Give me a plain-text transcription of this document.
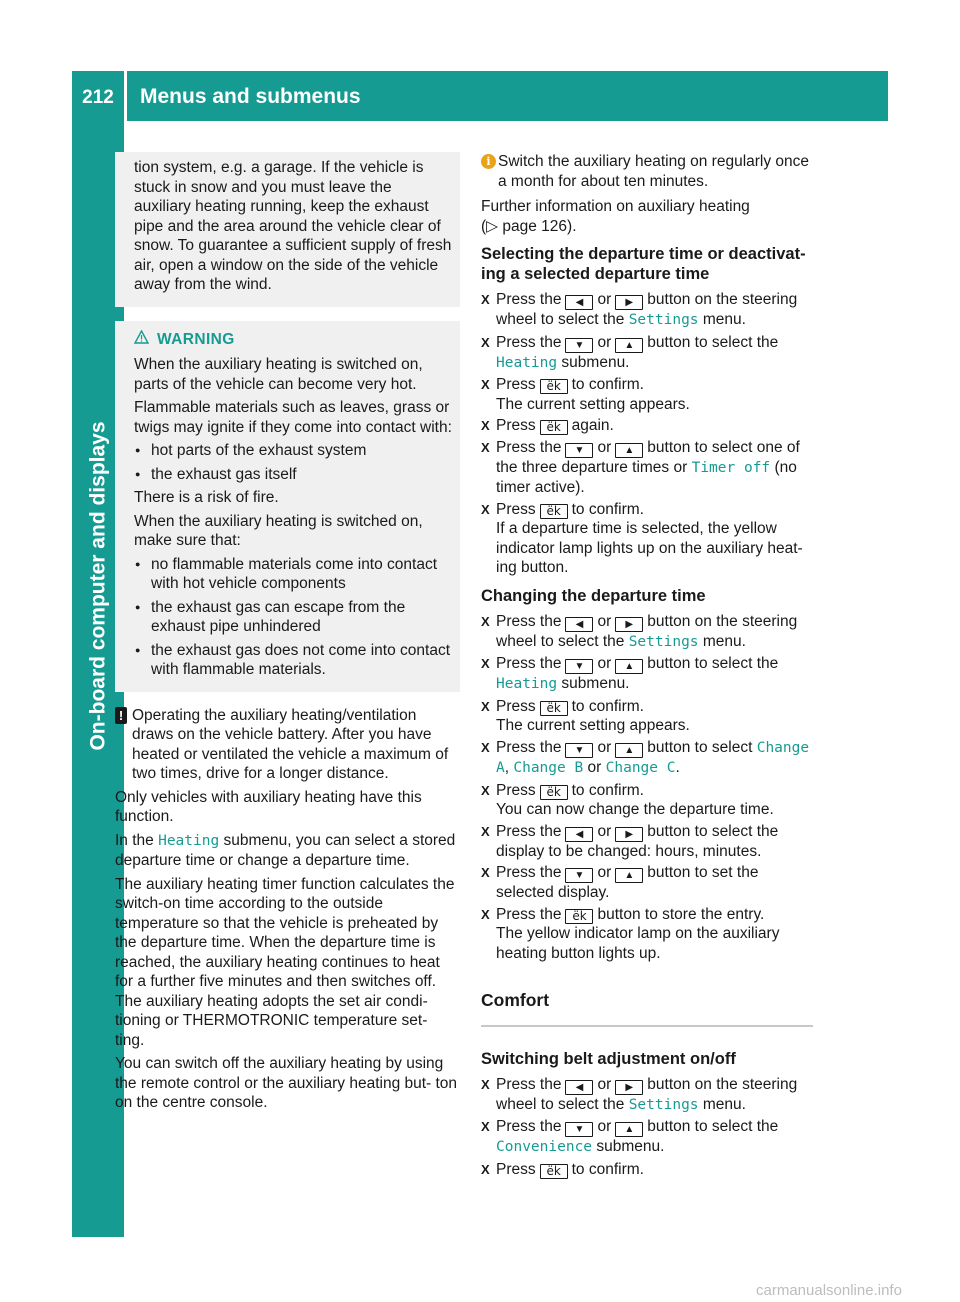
212	Menus and submenus
On-board computer and displays

tion system, e.g. a garage. If the vehicle is stuck in snow and you must leave the auxiliary heating running, keep the exhaust pipe and the area around the vehicle clear of snow. To guarantee a sufficient supply of fresh air, open a window on the side of the vehicle away from the wind.

WARNING

When the auxiliary heating is switched on, parts of the vehicle can become very hot.

Flammable materials such as leaves, grass or twigs may ignite if they come into contact with:

● hot parts of the exhaust system
● the exhaust gas itself

There is a risk of fire.

When the auxiliary heating is switched on, make sure that:

● no flammable materials come into contact with hot vehicle components
● the exhaust gas can escape from the exhaust pipe unhindered
● the exhaust gas does not come into contact with flammable materials.
! Operating the auxiliary heating/ventilation draws on the vehicle battery. After you have heated or ventilated the vehicle a maximum of two times, drive for a longer distance.

Only vehicles with auxiliary heating have this function.

In the Heating submenu, you can select a stored departure time or change a departure time.

The auxiliary heating timer function calculates the switch-on time according to the outside temperature so that the vehicle is preheated by the departure time. When the departure time is reached, the auxiliary heating continues to heat for a further five minutes and then switches off. The auxiliary heating adopts the set air condi- tioning or THERMOTRONIC temperature set- ting.

You can switch off the auxiliary heating by using the remote control or the auxiliary heating but- ton on the centre console.

i Switch the auxiliary heating on regularly once a month for about ten minutes.

Further information on auxiliary heating
(▷ page 126).

Selecting the departure time or deactivat- ing a selected departure time
X Press the ◀ or ▶ button on the steering wheel to select the Settings menu.
X Press the ▼ or ▲ button to select the Heating submenu.
X Press ëk to confirm.
The current setting appears.
X Press ëk again.
X Press the ▼ or ▲ button to select one of the three departure times or Timer off (no timer active).
X Press ëk to confirm.
If a departure time is selected, the yellow indicator lamp lights up on the auxiliary heat- ing button.
Changing the departure time
X Press the ◀ or ▶ button on the steering wheel to select the Settings menu.
X Press the ▼ or ▲ button to select the Heating submenu.
X Press ëk to confirm.
The current setting appears.
X Press the ▼ or ▲ button to select Change A, Change B or Change C.
X Press ëk to confirm.
You can now change the departure time.
X Press the ◀ or ▶ button to select the display to be changed: hours, minutes.
X Press the ▼ or ▲ button to set the selected display.
X Press the ëk button to store the entry.
The yellow indicator lamp on the auxiliary heating button lights up.
Comfort
Switching belt adjustment on/off
X Press the ◀ or ▶ button on the steering wheel to select the Settings menu.
X Press the ▼ or ▲ button to select the Convenience submenu.
X Press ëk to confirm.
carmanualsonline.info
